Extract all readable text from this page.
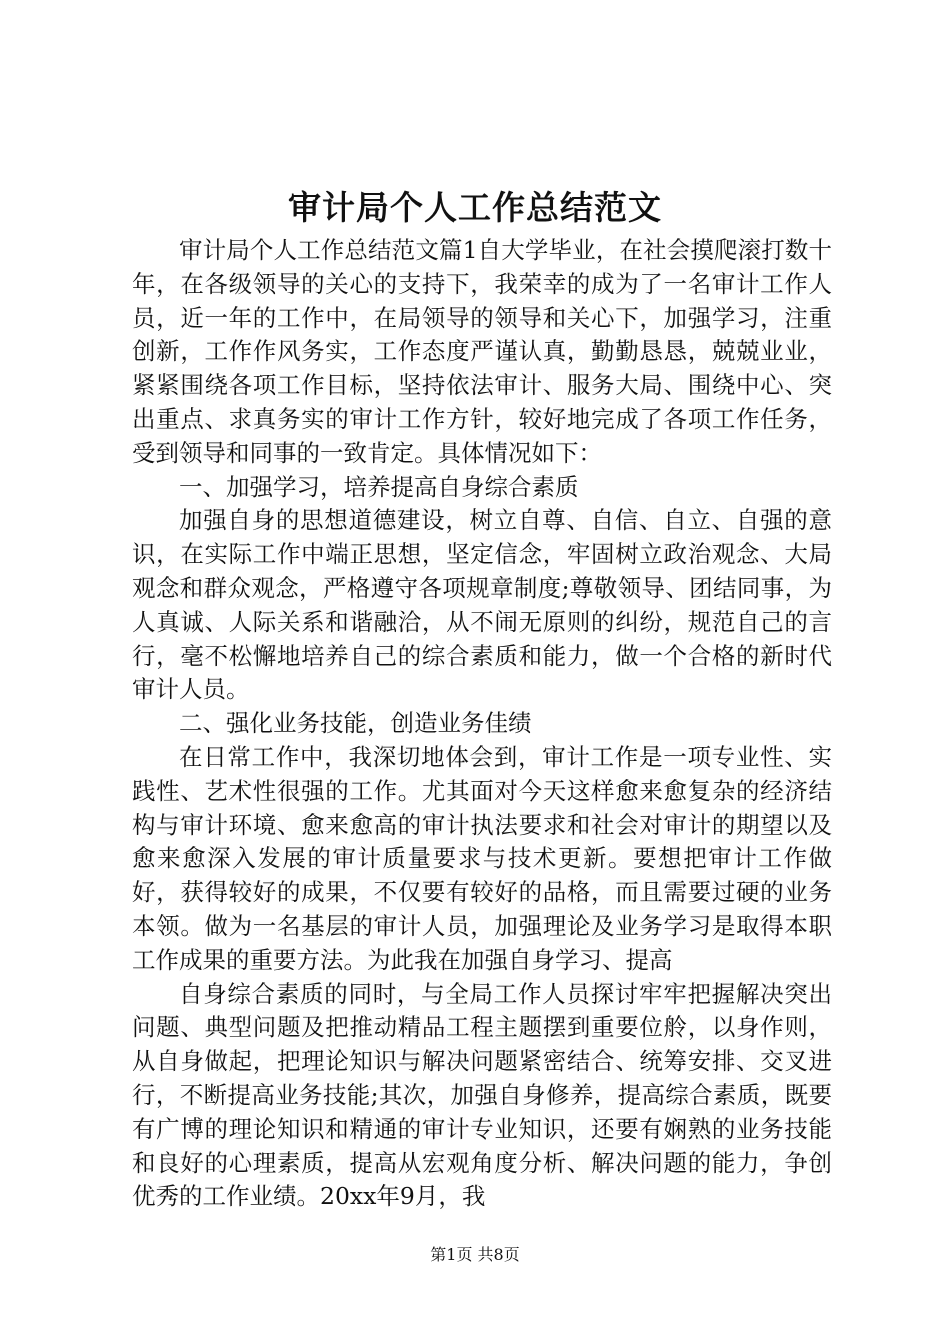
审计局个人工作总结范文

审计局个人工作总结范文篇1自大学毕业，在社会摸爬滚打数十年，在各级领导的关心的支持下，我荣幸的成为了一名审计工作人员，近一年的工作中，在局领导的领导和关心下，加强学习，注重创新，工作作风务实，工作态度严谨认真，勤勤恳恳，兢兢业业，紧紧围绕各项工作目标，坚持依法审计、服务大局、围绕中心、突出重点、求真务实的审计工作方针，较好地完成了各项工作任务，受到领导和同事的一致肯定。具体情况如下：

一、加强学习，培养提高自身综合素质

加强自身的思想道德建设，树立自尊、自信、自立、自强的意识，在实际工作中端正思想，坚定信念，牢固树立政治观念、大局观念和群众观念，严格遵守各项规章制度;尊敬领导、团结同事，为人真诚、人际关系和谐融洽，从不闹无原则的纠纷，规范自己的言行，毫不松懈地培养自己的综合素质和能力，做一个合格的新时代审计人员。

二、强化业务技能，创造业务佳绩

在日常工作中，我深切地体会到，审计工作是一项专业性、实践性、艺术性很强的工作。尤其面对今天这样愈来愈复杂的经济结构与审计环境、愈来愈高的审计执法要求和社会对审计的期望以及愈来愈深入发展的审计质量要求与技术更新。要想把审计工作做好，获得较好的成果，不仅要有较好的品格，而且需要过硬的业务本领。做为一名基层的审计人员，加强理论及业务学习是取得本职工作成果的重要方法。为此我在加强自身学习、提高

自身综合素质的同时，与全局工作人员探讨牢牢把握解决突出问题、典型问题及把推动精品工程主题摆到重要位舲，以身作则，从自身做起，把理论知识与解决问题紧密结合、统筹安排、交叉进行，不断提高业务技能;其次，加强自身修养，提高综合素质，既要有广博的理论知识和精通的审计专业知识，还要有娴熟的业务技能和良好的心理素质，提高从宏观角度分析、解决问题的能力，争创优秀的工作业绩。20xx年9月，我

第1页 共8页
